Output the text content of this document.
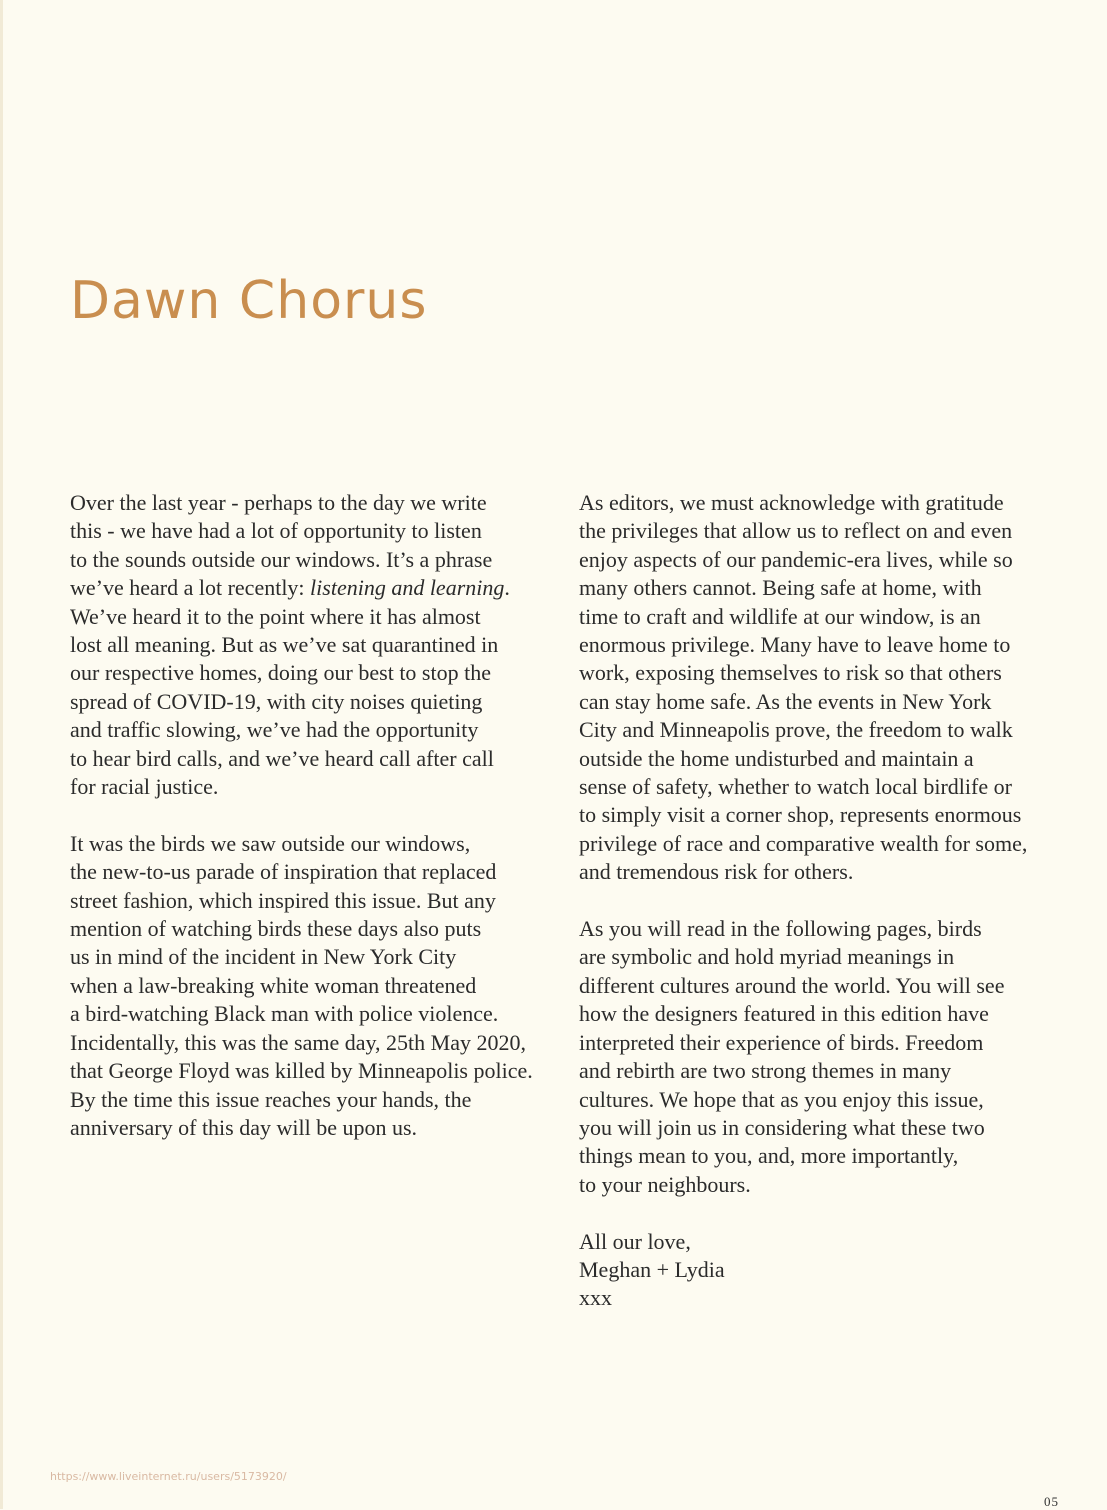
Dawn Chorus
Over the last year - perhaps to the day we write
this - we have had a lot of opportunity to listen
to the sounds outside our windows. It’s a phrase
we’ve heard a lot recently: listening and learning.
We’ve heard it to the point where it has almost
lost all meaning. But as we’ve sat quarantined in
our respective homes, doing our best to stop the
spread of COVID-19, with city noises quieting
and traffic slowing, we’ve had the opportunity
to hear bird calls, and we’ve heard call after call
for racial justice.
It was the birds we saw outside our windows,
the new-to-us parade of inspiration that replaced
street fashion, which inspired this issue. But any
mention of watching birds these days also puts
us in mind of the incident in New York City
when a law-breaking white woman threatened
a bird-watching Black man with police violence.
Incidentally, this was the same day, 25th May 2020,
that George Floyd was killed by Minneapolis police.
By the time this issue reaches your hands, the
anniversary of this day will be upon us.
As editors, we must acknowledge with gratitude
the privileges that allow us to reflect on and even
enjoy aspects of our pandemic-era lives, while so
many others cannot. Being safe at home, with
time to craft and wildlife at our window, is an
enormous privilege. Many have to leave home to
work, exposing themselves to risk so that others
can stay home safe. As the events in New York
City and Minneapolis prove, the freedom to walk
outside the home undisturbed and maintain a
sense of safety, whether to watch local birdlife or
to simply visit a corner shop, represents enormous
privilege of race and comparative wealth for some,
and tremendous risk for others.
As you will read in the following pages, birds
are symbolic and hold myriad meanings in
different cultures around the world. You will see
how the designers featured in this edition have
interpreted their experience of birds. Freedom
and rebirth are two strong themes in many
cultures. We hope that as you enjoy this issue,
you will join us in considering what these two
things mean to you, and, more importantly,
to your neighbours.
All our love,
Meghan + Lydia
xxx
https://www.liveinternet.ru/users/5173920/
05
